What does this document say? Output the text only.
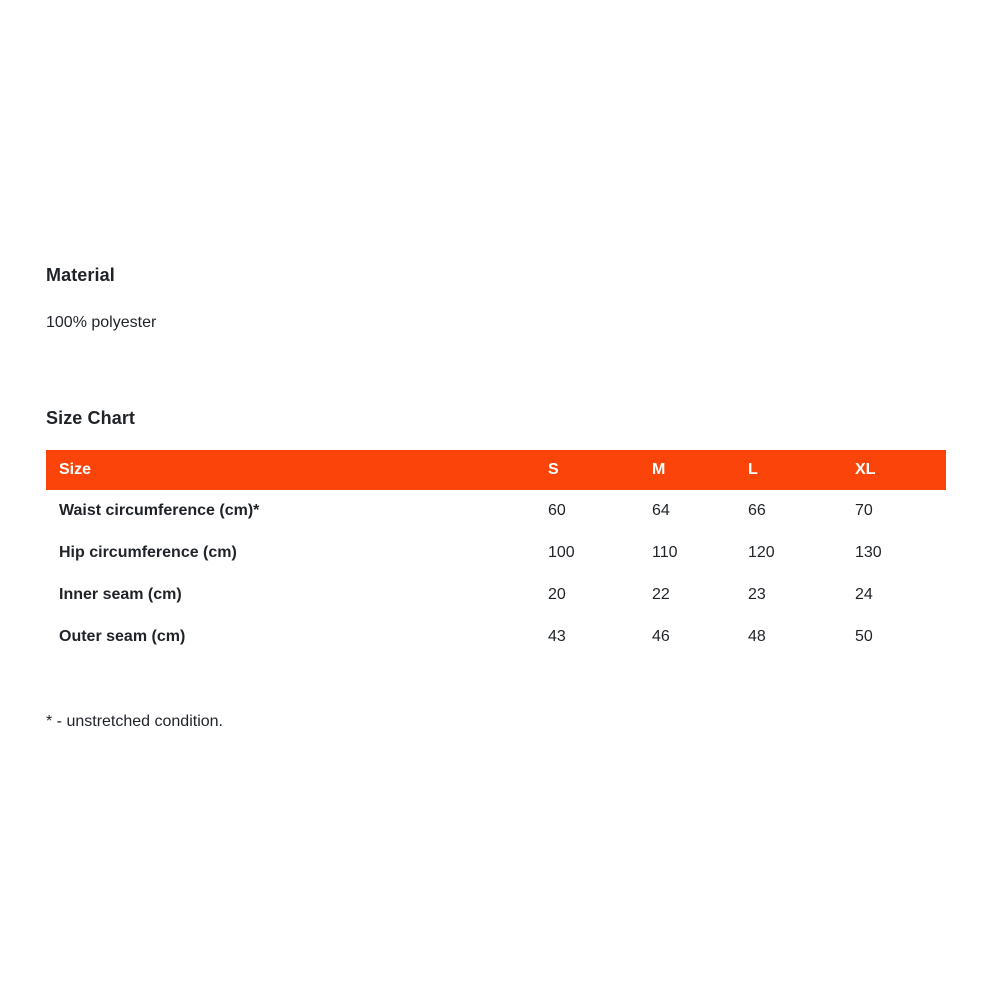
Material

100% polyester

Size Chart
Size	S	M	L	XL
Waist circumference (cm)*	60	64	66	70
Hip circumference (cm)	100	110	120	130
Inner seam (cm)	20	22	23	24
Outer seam (cm)	43	46	48	50

* - unstretched condition.
